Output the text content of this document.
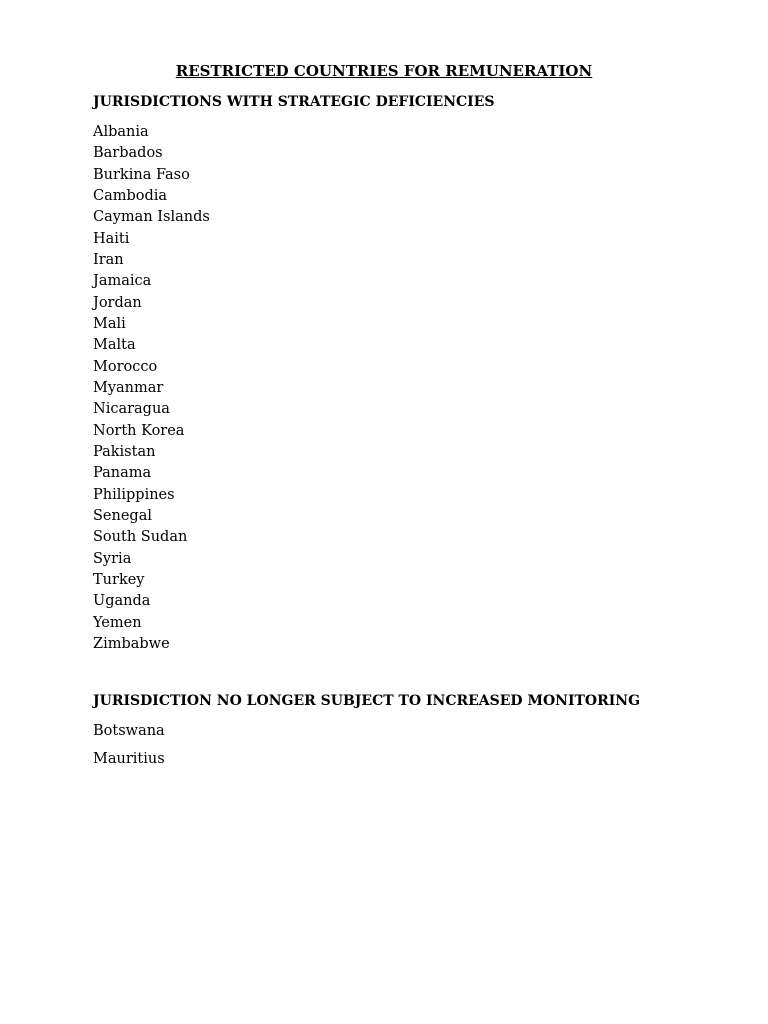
RESTRICTED COUNTRIES FOR REMUNERATION
JURISDICTIONS WITH STRATEGIC DEFICIENCIES
Albania
Barbados
Burkina Faso
Cambodia
Cayman Islands
Haiti
Iran
Jamaica
Jordan
Mali
Malta
Morocco
Myanmar
Nicaragua
North Korea
Pakistan
Panama
Philippines
Senegal
South Sudan
Syria
Turkey
Uganda
Yemen
Zimbabwe
JURISDICTION NO LONGER SUBJECT TO INCREASED MONITORING
Botswana
Mauritius
